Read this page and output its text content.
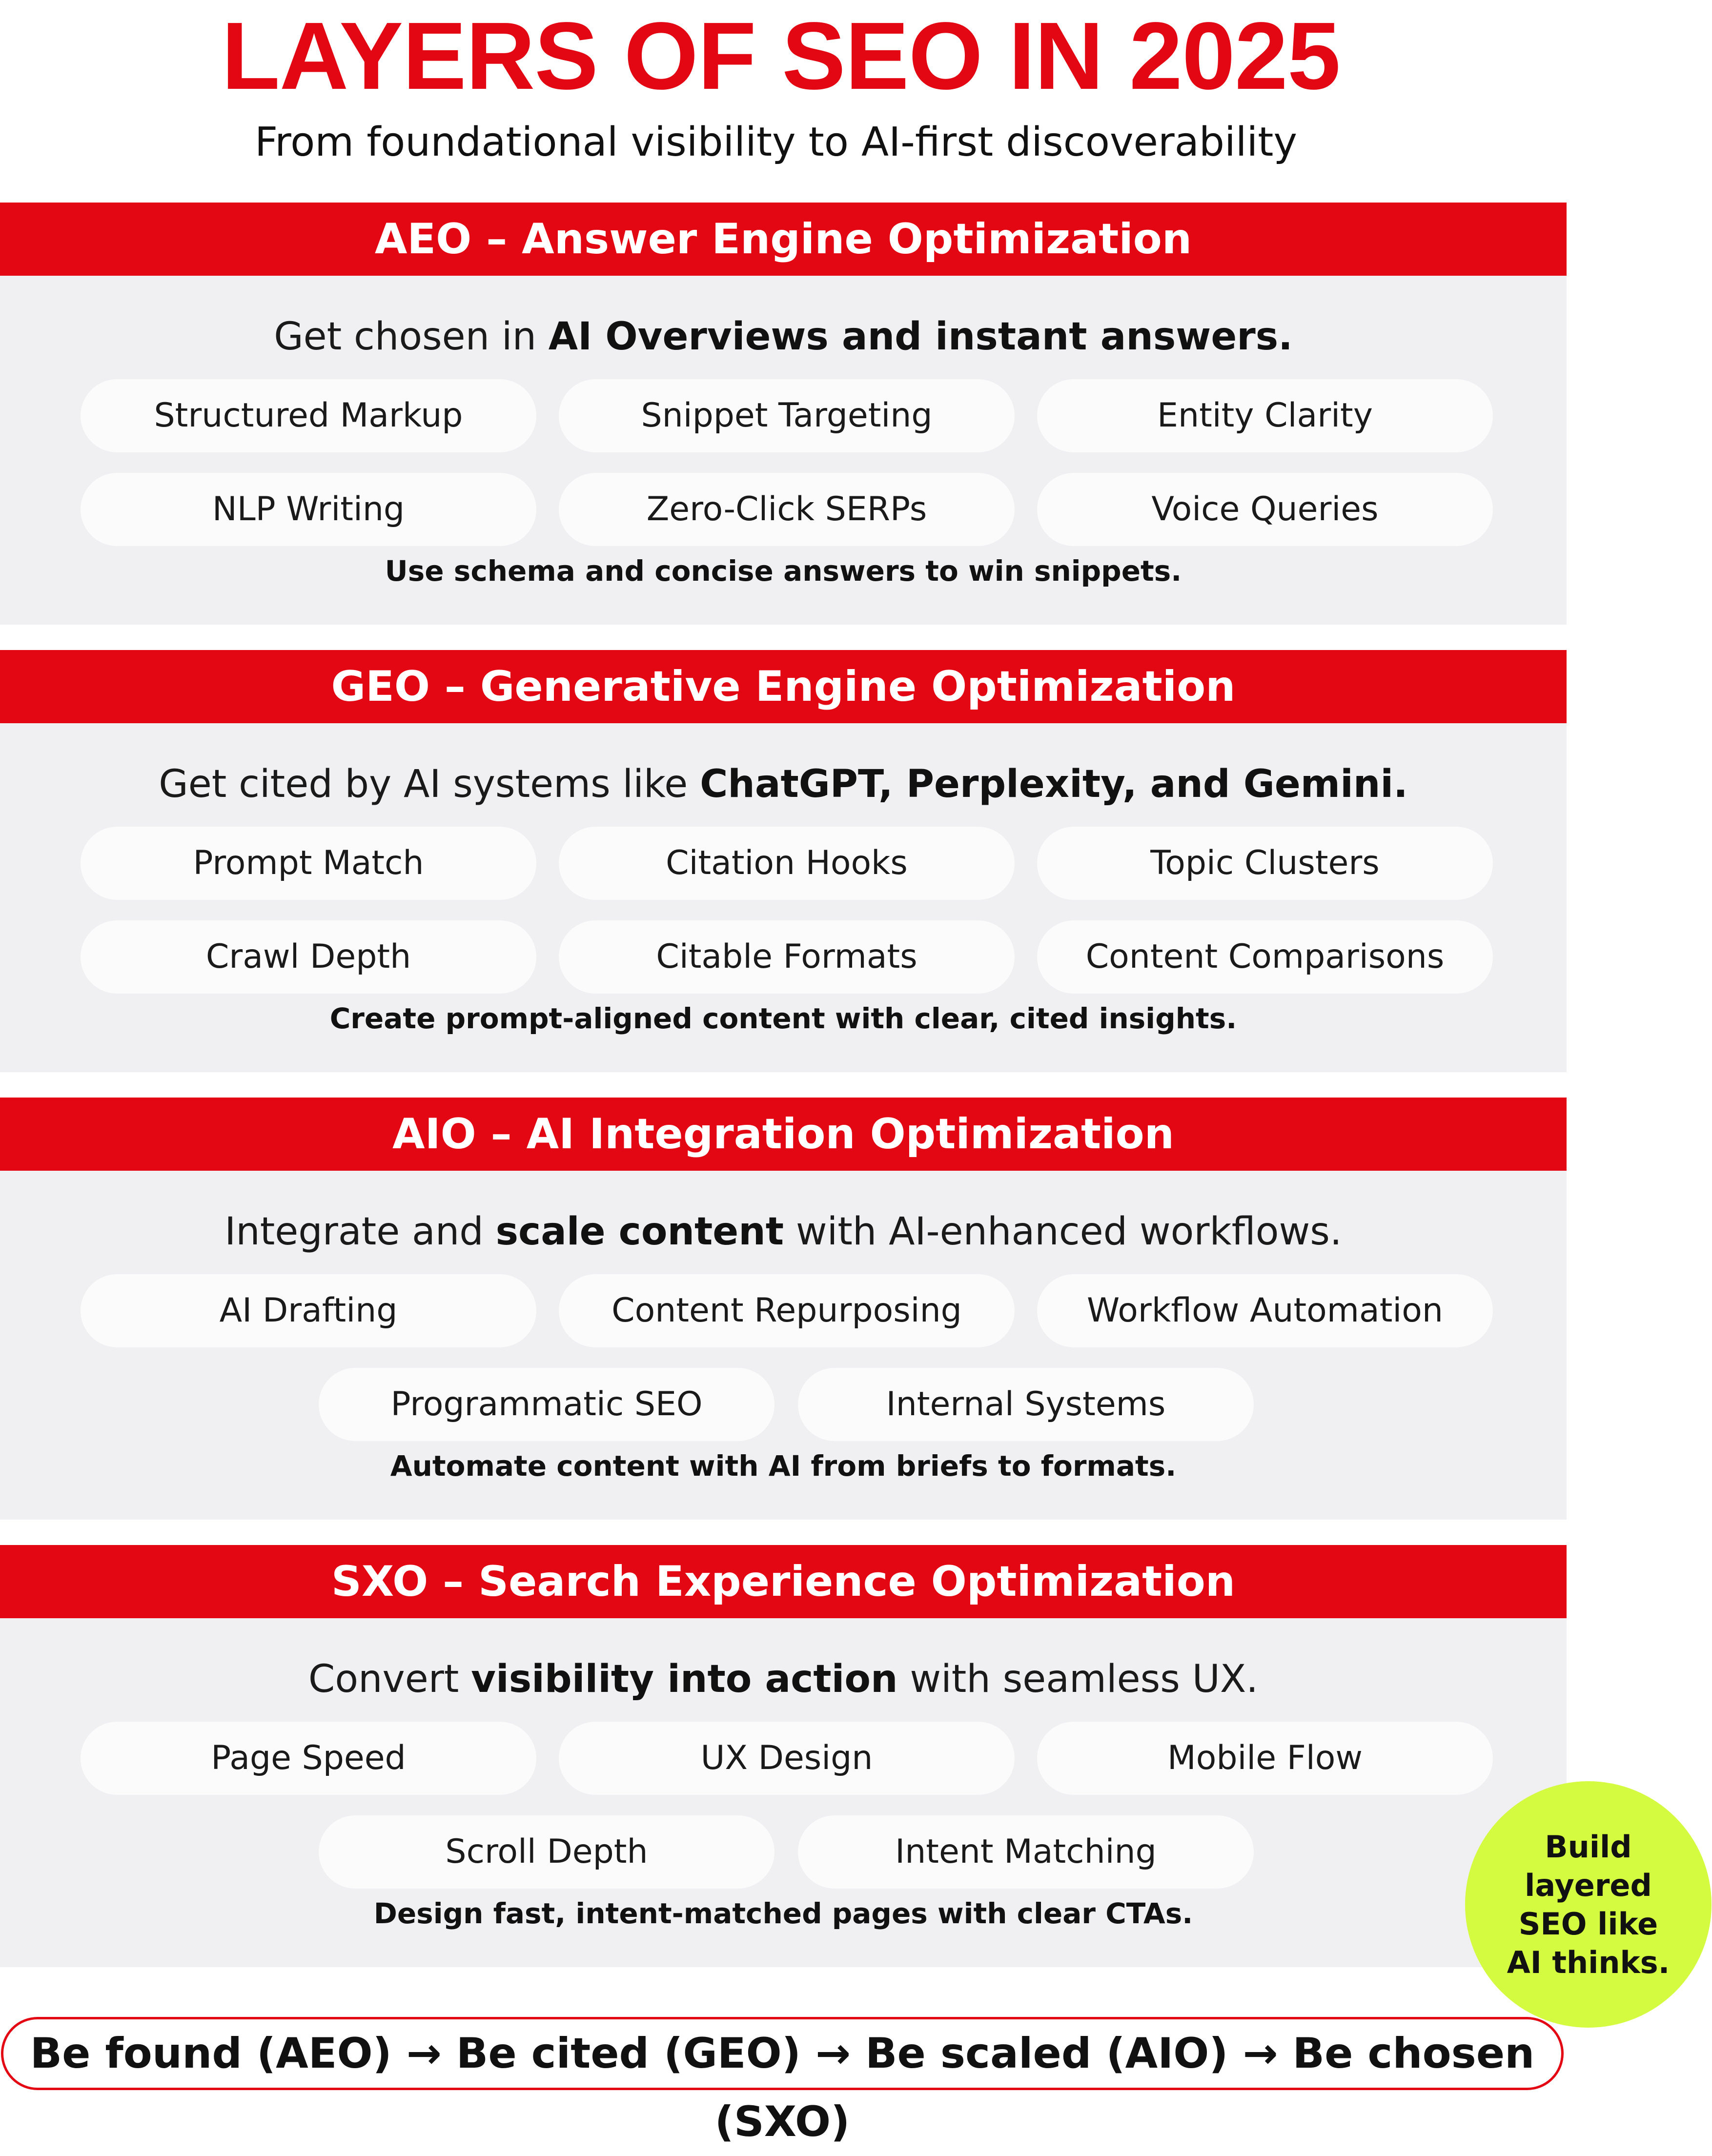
LAYERS OF SEO IN 2025
From foundational visibility to AI-first discoverability
AEO – Answer Engine Optimization
Get chosen in AI Overviews and instant answers.
Structured Markup	Snippet Targeting	Entity Clarity
NLP Writing	Zero-Click SERPs	Voice Queries
Use schema and concise answers to win snippets.
GEO – Generative Engine Optimization
Get cited by AI systems like ChatGPT, Perplexity, and Gemini.
Prompt Match	Citation Hooks	Topic Clusters
Crawl Depth	Citable Formats	Content Comparisons
Create prompt-aligned content with clear, cited insights.
AIO – AI Integration Optimization
Integrate and scale content with AI-enhanced workflows.
AI Drafting	Content Repurposing	Workflow Automation
Programmatic SEO	Internal Systems
Automate content with AI from briefs to formats.
SXO – Search Experience Optimization
Convert visibility into action with seamless UX.
Page Speed	UX Design	Mobile Flow
Scroll Depth	Intent Matching
Design fast, intent-matched pages with clear CTAs.
Build layered SEO like AI thinks.
Be found (AEO) → Be cited (GEO) → Be scaled (AIO) → Be chosen (SXO)
